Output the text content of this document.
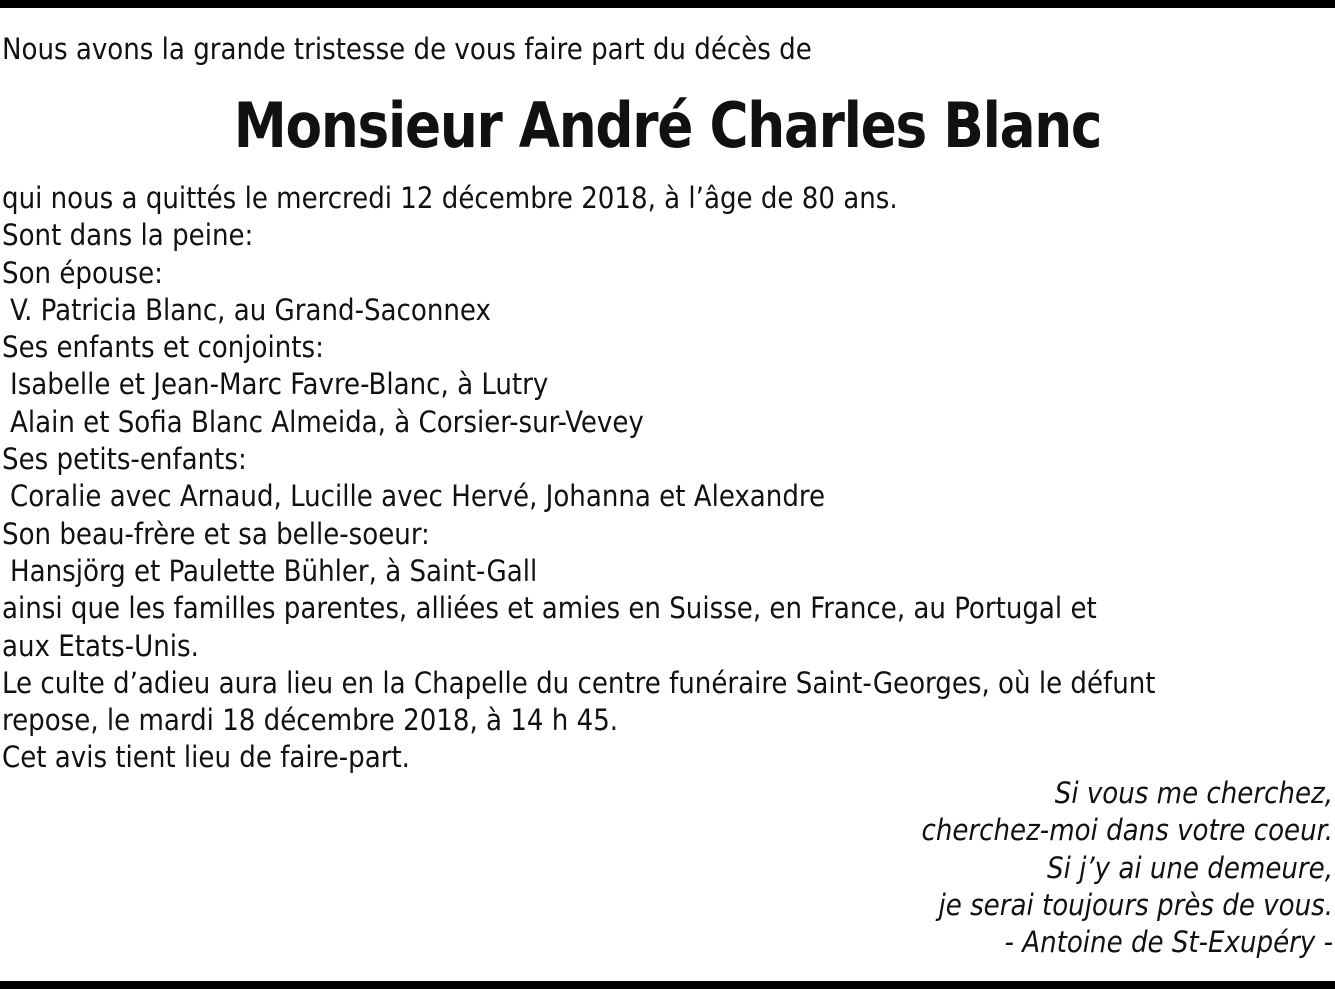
Nous avons la grande tristesse de vous faire part du décès de
Monsieur André Charles Blanc
qui nous a quittés le mercredi 12 décembre 2018, à l’âge de 80 ans.
Sont dans la peine:
Son épouse:
V. Patricia Blanc, au Grand-Saconnex
Ses enfants et conjoints:
Isabelle et Jean-Marc Favre-Blanc, à Lutry
Alain et Sofia Blanc Almeida, à Corsier-sur-Vevey
Ses petits-enfants:
Coralie avec Arnaud, Lucille avec Hervé, Johanna et Alexandre
Son beau-frère et sa belle-soeur:
Hansjörg et Paulette Bühler, à Saint-Gall
ainsi que les familles parentes, alliées et amies en Suisse, en France, au Portugal et
aux Etats-Unis.
Le culte d’adieu aura lieu en la Chapelle du centre funéraire Saint-Georges, où le défunt
repose, le mardi 18 décembre 2018, à 14 h 45.
Cet avis tient lieu de faire-part.
Si vous me cherchez,
cherchez-moi dans votre coeur.
Si j’y ai une demeure,
je serai toujours près de vous.
- Antoine de St-Exupéry -
